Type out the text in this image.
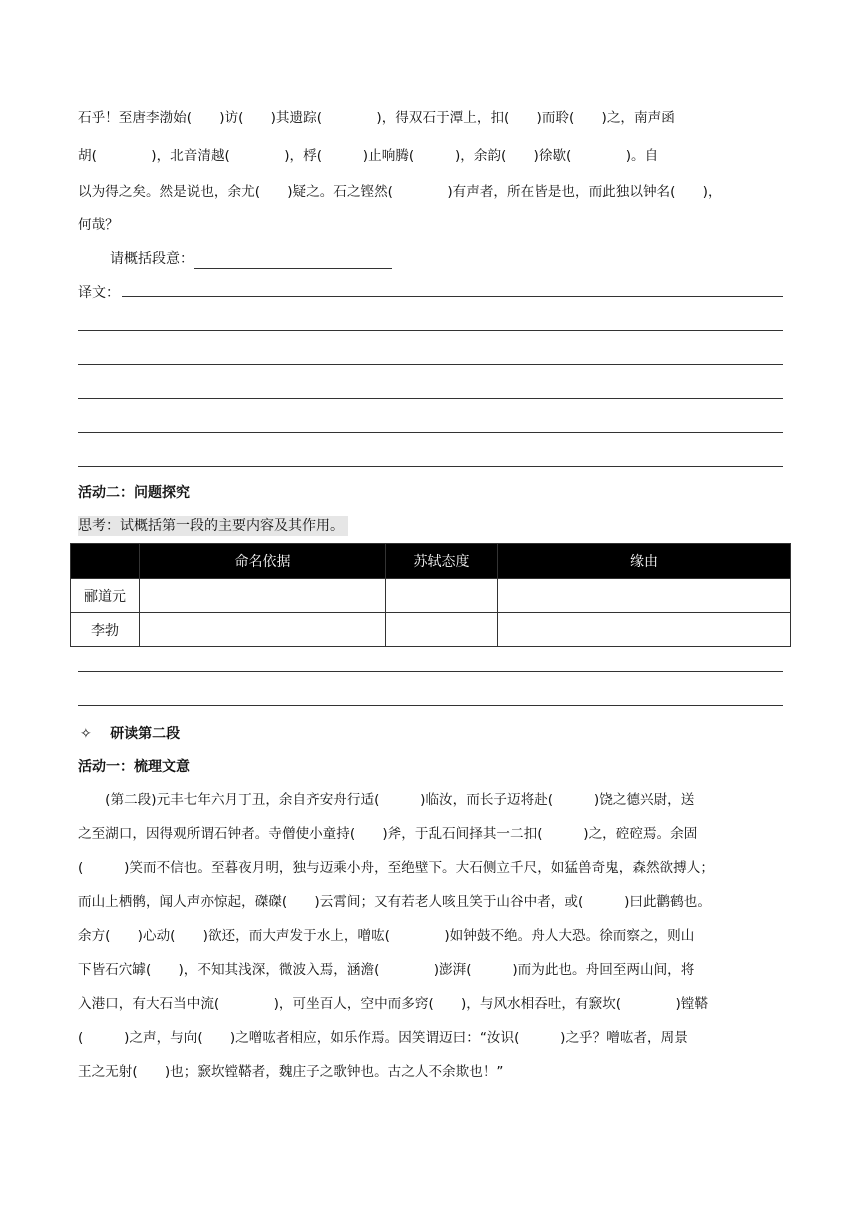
石乎！至唐李渤始(　　)访(　　)其遗踪(　　　　)，得双石于潭上，扣(　　)而聆(　　)之，南声函
胡(　　　　)，北音清越(　　　　)，桴(　　　)止响腾(　　　)，余韵(　　)徐歇(　　　　)。自
以为得之矣。然是说也，余尤(　　)疑之。石之铿然(　　　　)有声者，所在皆是也，而此独以钟名(　　)，
何哉？
请概括段意：
译文：
活动二：问题探究
思考：试概括第一段的主要内容及其作用。
	命名依据	苏轼态度	缘由
郦道元			
李勃			
✧ 研读第二段
活动一：梳理文意
　　(第二段)元丰七年六月丁丑，余自齐安舟行适(　　　)临汝，而长子迈将赴(　　　)饶之德兴尉，送
之至湖口，因得观所谓石钟者。寺僧使小童持(　　)斧，于乱石间择其一二扣(　　　)之，硿硿焉。余固
(　　　)笑而不信也。至暮夜月明，独与迈乘小舟，至绝壁下。大石侧立千尺，如猛兽奇鬼，森然欲搏人；
而山上栖鹘，闻人声亦惊起，磔磔(　　)云霄间；又有若老人咳且笑于山谷中者，或(　　　)曰此鹳鹤也。
余方(　　)心动(　　)欲还，而大声发于水上，噌吰(　　　　)如钟鼓不绝。舟人大恐。徐而察之，则山
下皆石穴罅(　　)，不知其浅深，微波入焉，涵澹(　　　　)澎湃(　　　)而为此也。舟回至两山间，将
入港口，有大石当中流(　　　　)，可坐百人，空中而多窍(　　)，与风水相吞吐，有窾坎(　　　　)镗鞳
(　　　)之声，与向(　　)之噌吰者相应，如乐作焉。因笑谓迈曰：“汝识(　　　)之乎？噌吰者，周景
王之无射(　　)也；窾坎镗鞳者，魏庄子之歌钟也。古之人不余欺也！”
